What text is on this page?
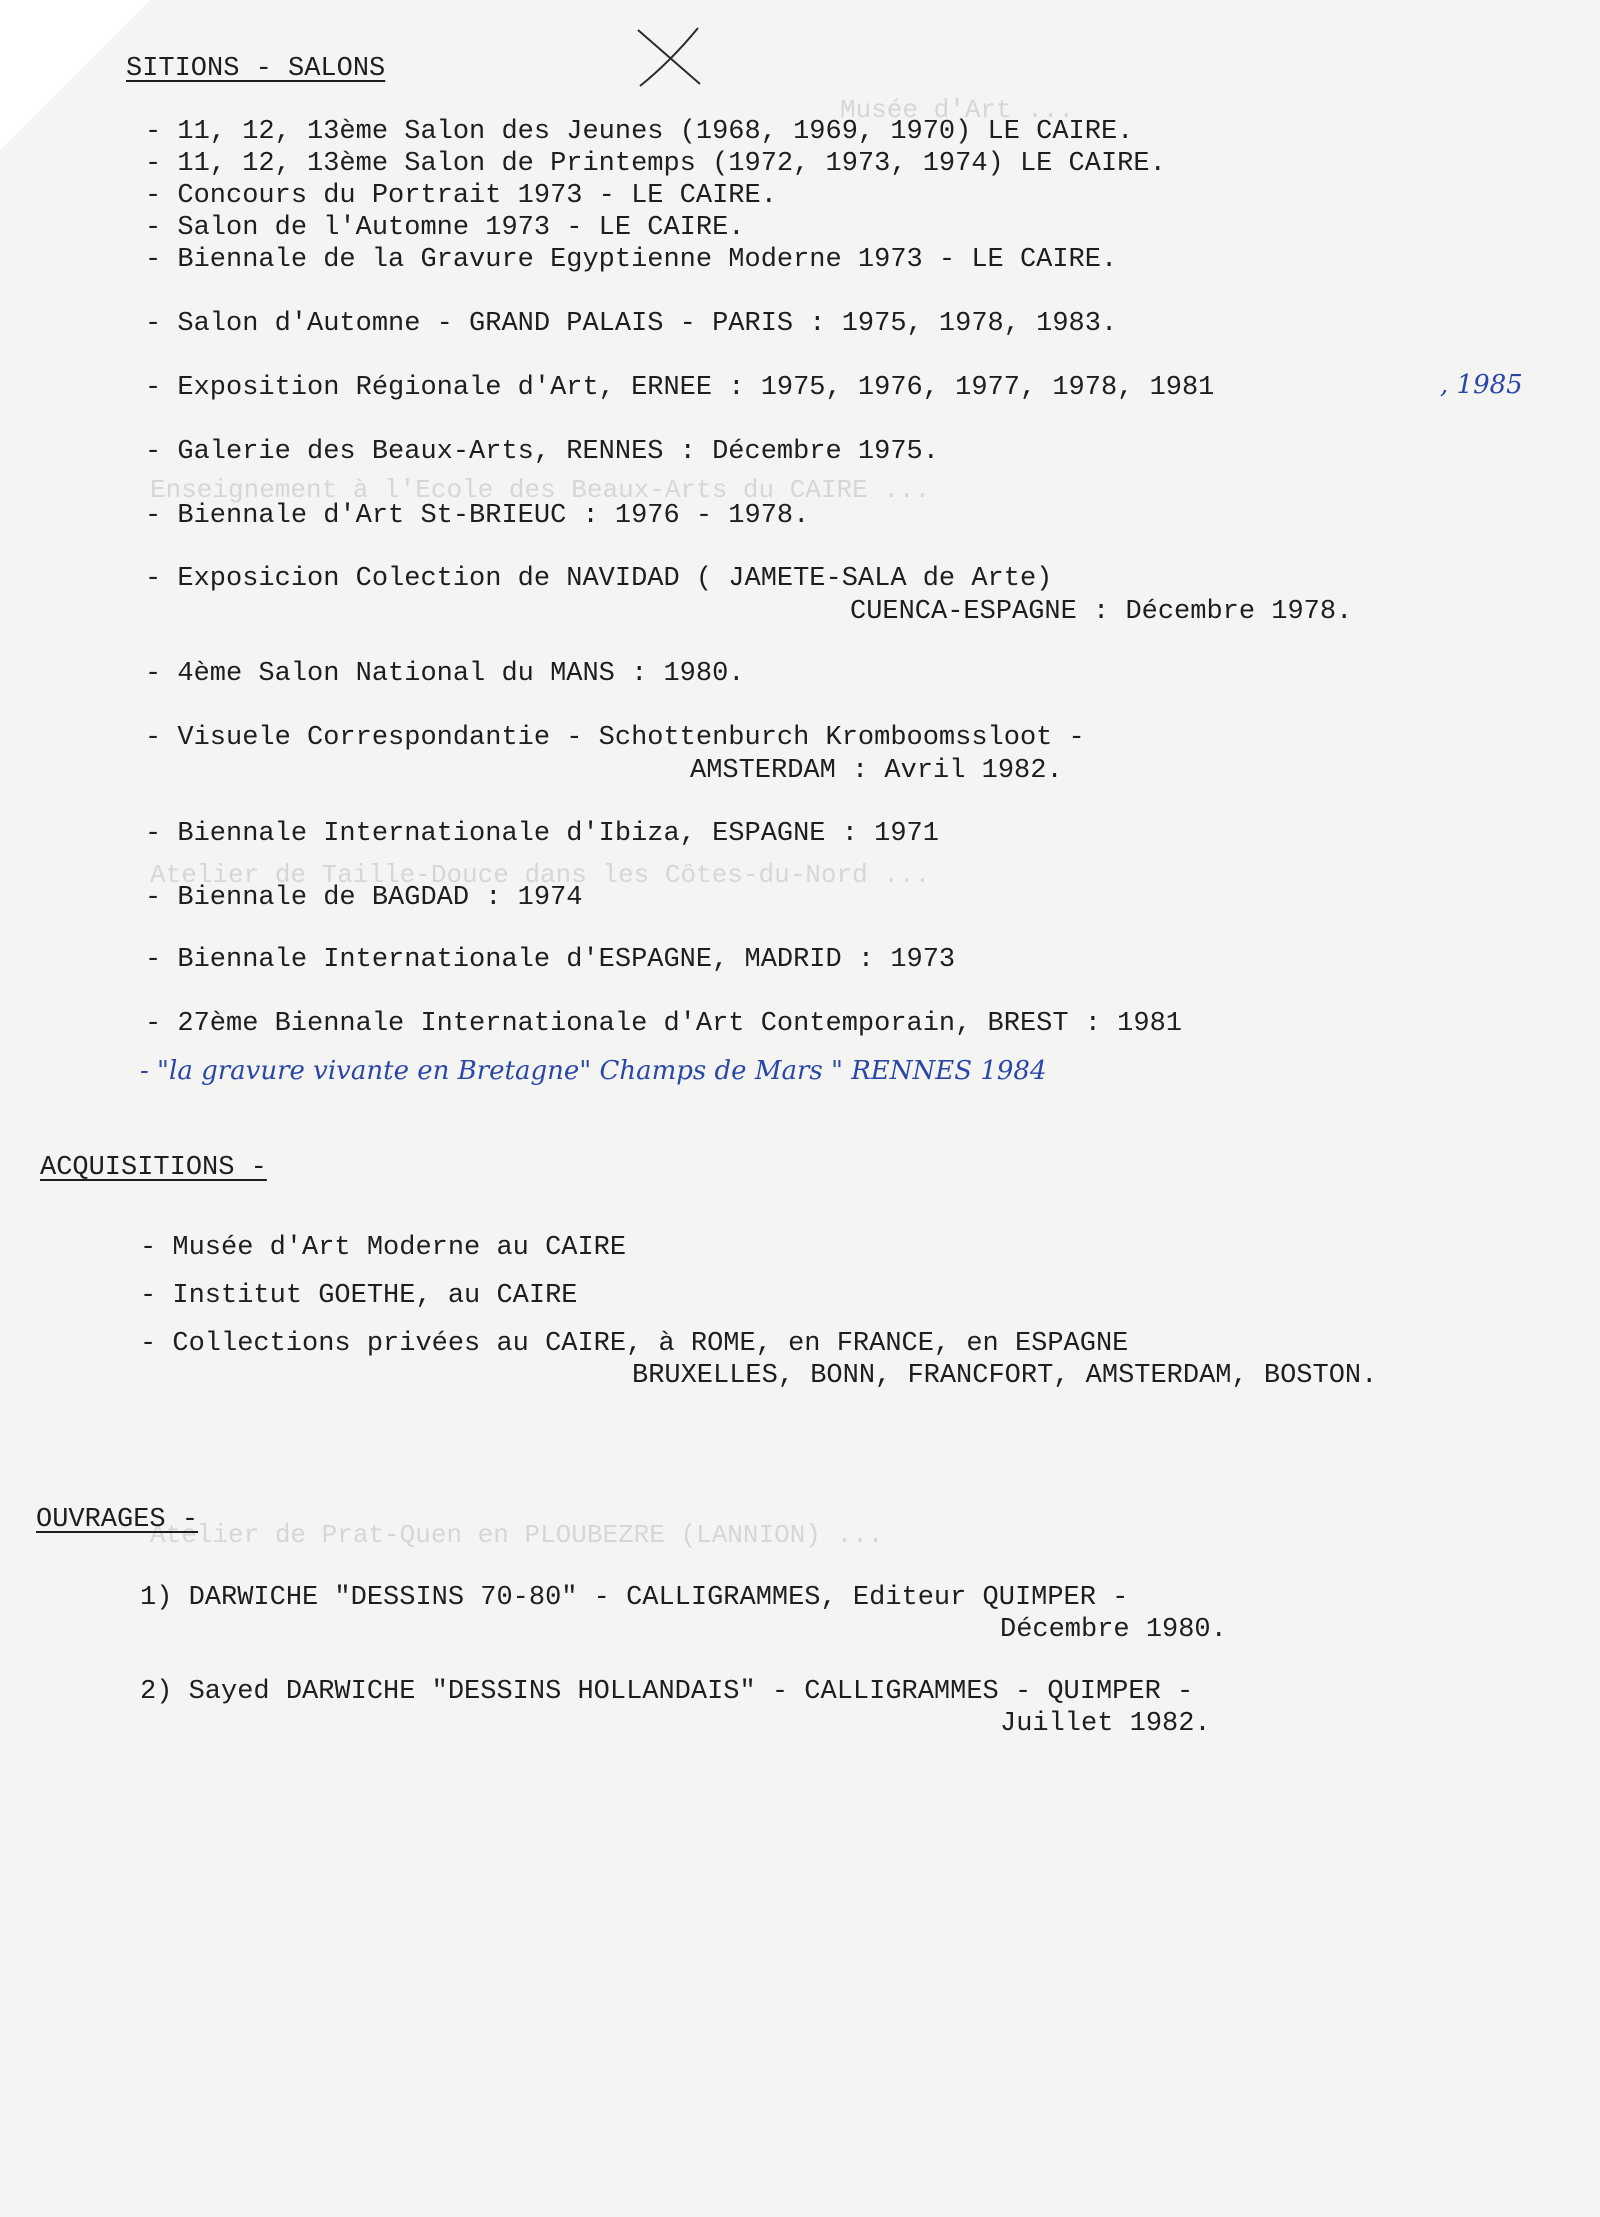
Musée d'Art ...
Enseignement à l'Ecole des Beaux-Arts du CAIRE ...
Atelier de Taille-Douce dans les Côtes-du-Nord ...
Atelier de Prat-Quen en PLOUBEZRE (LANNION) ...
SITIONS - SALONS
- 11, 12, 13ème Salon des Jeunes (1968, 1969, 1970) LE CAIRE.
- 11, 12, 13ème Salon de Printemps (1972, 1973, 1974) LE CAIRE.
- Concours du Portrait 1973 - LE CAIRE.
- Salon de l'Automne 1973 - LE CAIRE.
- Biennale de la Gravure Egyptienne Moderne 1973 - LE CAIRE.
- Salon d'Automne - GRAND PALAIS - PARIS : 1975, 1978, 1983.
- Exposition Régionale d'Art, ERNEE : 1975, 1976, 1977, 1978, 1981	, 1985
- Galerie des Beaux-Arts, RENNES : Décembre 1975.
- Biennale d'Art St-BRIEUC : 1976 - 1978.
- Exposicion Colection de NAVIDAD ( JAMETE-SALA de Arte)
CUENCA-ESPAGNE : Décembre 1978.
- 4ème Salon National du MANS : 1980.
- Visuele Correspondantie - Schottenburch Kromboomssloot -
AMSTERDAM : Avril 1982.
- Biennale Internationale d'Ibiza, ESPAGNE : 1971
- Biennale de BAGDAD : 1974
- Biennale Internationale d'ESPAGNE, MADRID : 1973
- 27ème Biennale Internationale d'Art Contemporain, BREST : 1981
- "la gravure vivante en Bretagne" Champs de Mars " RENNES 1984
ACQUISITIONS -
- Musée d'Art Moderne au CAIRE
- Institut GOETHE, au CAIRE
- Collections privées au CAIRE, à ROME, en FRANCE, en ESPAGNE
BRUXELLES, BONN, FRANCFORT, AMSTERDAM, BOSTON.
OUVRAGES -
1) DARWICHE "DESSINS 70-80" - CALLIGRAMMES, Editeur QUIMPER -
Décembre 1980.
2) Sayed DARWICHE "DESSINS HOLLANDAIS" - CALLIGRAMMES - QUIMPER -
Juillet 1982.
